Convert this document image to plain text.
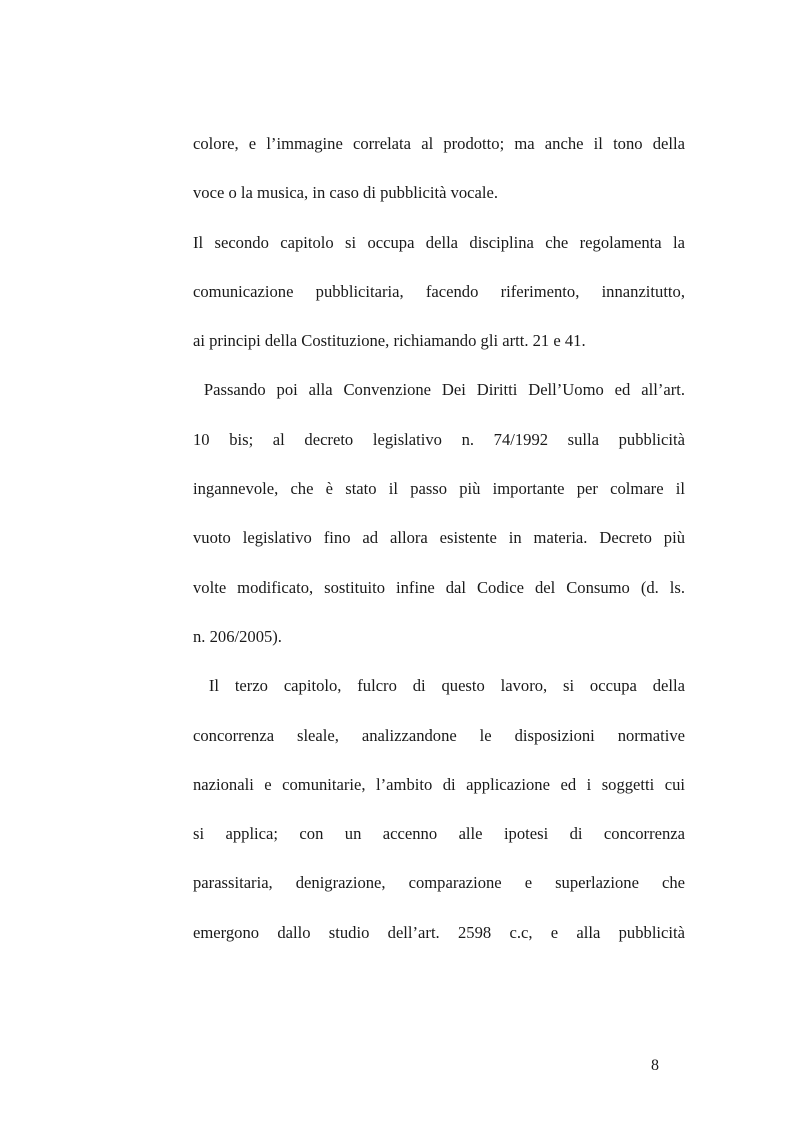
colore, e l’immagine correlata al prodotto; ma anche il tono della
voce o la musica, in caso di pubblicità vocale.
Il secondo capitolo si occupa della disciplina che regolamenta la
comunicazione pubblicitaria, facendo riferimento, innanzitutto,
ai principi della Costituzione, richiamando gli artt. 21 e 41.
Passando poi alla Convenzione Dei Diritti Dell’Uomo ed all’art.
10 bis; al decreto legislativo n. 74/1992 sulla pubblicità
ingannevole, che è stato il passo più importante per colmare il
vuoto legislativo fino ad allora esistente in materia. Decreto più
volte modificato, sostituito infine dal Codice del Consumo (d. ls.
n. 206/2005).
Il terzo capitolo, fulcro di questo lavoro, si occupa della
concorrenza sleale, analizzandone le disposizioni normative
nazionali e comunitarie, l’ambito di applicazione ed i soggetti cui
si applica; con un accenno alle ipotesi di concorrenza
parassitaria, denigrazione, comparazione e superlazione che
emergono dallo studio dell’art. 2598 c.c, e alla pubblicità
8
